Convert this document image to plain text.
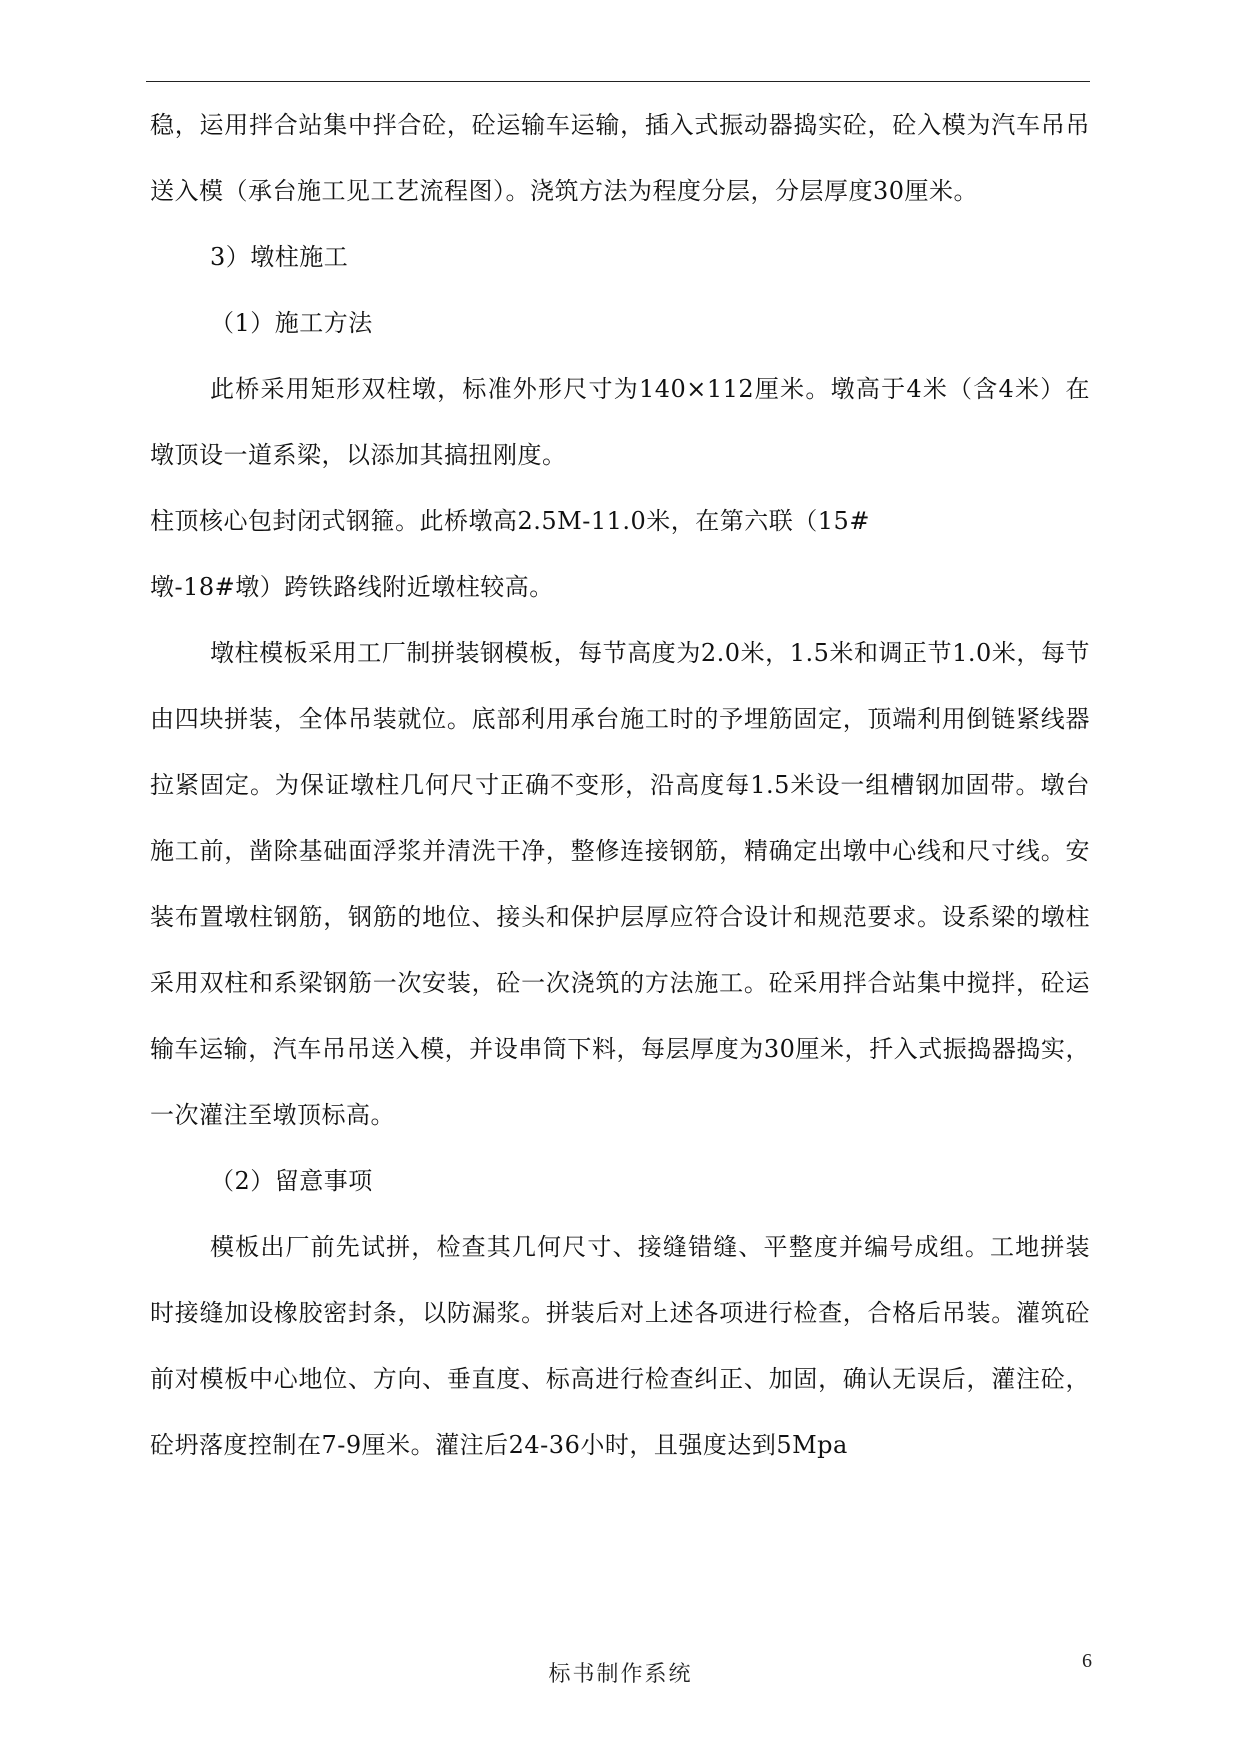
稳，运用拌合站集中拌合砼，砼运输车运输，插入式振动器捣实砼，砼入模为汽车吊吊送入模（承台施工见工艺流程图）。浇筑方法为程度分层，分层厚度30厘米。

3）墩柱施工

（1）施工方法

此桥采用矩形双柱墩，标准外形尺寸为140×112厘米。墩高于4米（含4米）在墩顶设一道系梁，以添加其搞扭刚度。

柱顶核心包封闭式钢箍。此桥墩高2.5M-11.0米，在第六联（15#

墩-18#墩）跨铁路线附近墩柱较高。

墩柱模板采用工厂制拼装钢模板，每节高度为2.0米，1.5米和调正节1.0米，每节由四块拼装，全体吊装就位。底部利用承台施工时的予埋筋固定，顶端利用倒链紧线器拉紧固定。为保证墩柱几何尺寸正确不变形，沿高度每1.5米设一组槽钢加固带。墩台施工前，凿除基础面浮浆并清洗干净，整修连接钢筋，精确定出墩中心线和尺寸线。安装布置墩柱钢筋，钢筋的地位、接头和保护层厚应符合设计和规范要求。设系梁的墩柱采用双柱和系梁钢筋一次安装，砼一次浇筑的方法施工。砼采用拌合站集中搅拌，砼运输车运输，汽车吊吊送入模，并设串筒下料，每层厚度为30厘米，扦入式振捣器捣实，一次灌注至墩顶标高。

（2）留意事项

模板出厂前先试拼，检查其几何尺寸、接缝错缝、平整度并编号成组。工地拼装时接缝加设橡胶密封条，以防漏浆。拼装后对上述各项进行检查，合格后吊装。灌筑砼前对模板中心地位、方向、垂直度、标高进行检查纠正、加固，确认无误后，灌注砼，砼坍落度控制在7-9厘米。灌注后24-36小时，且强度达到5Mpa

标书制作系统
6
